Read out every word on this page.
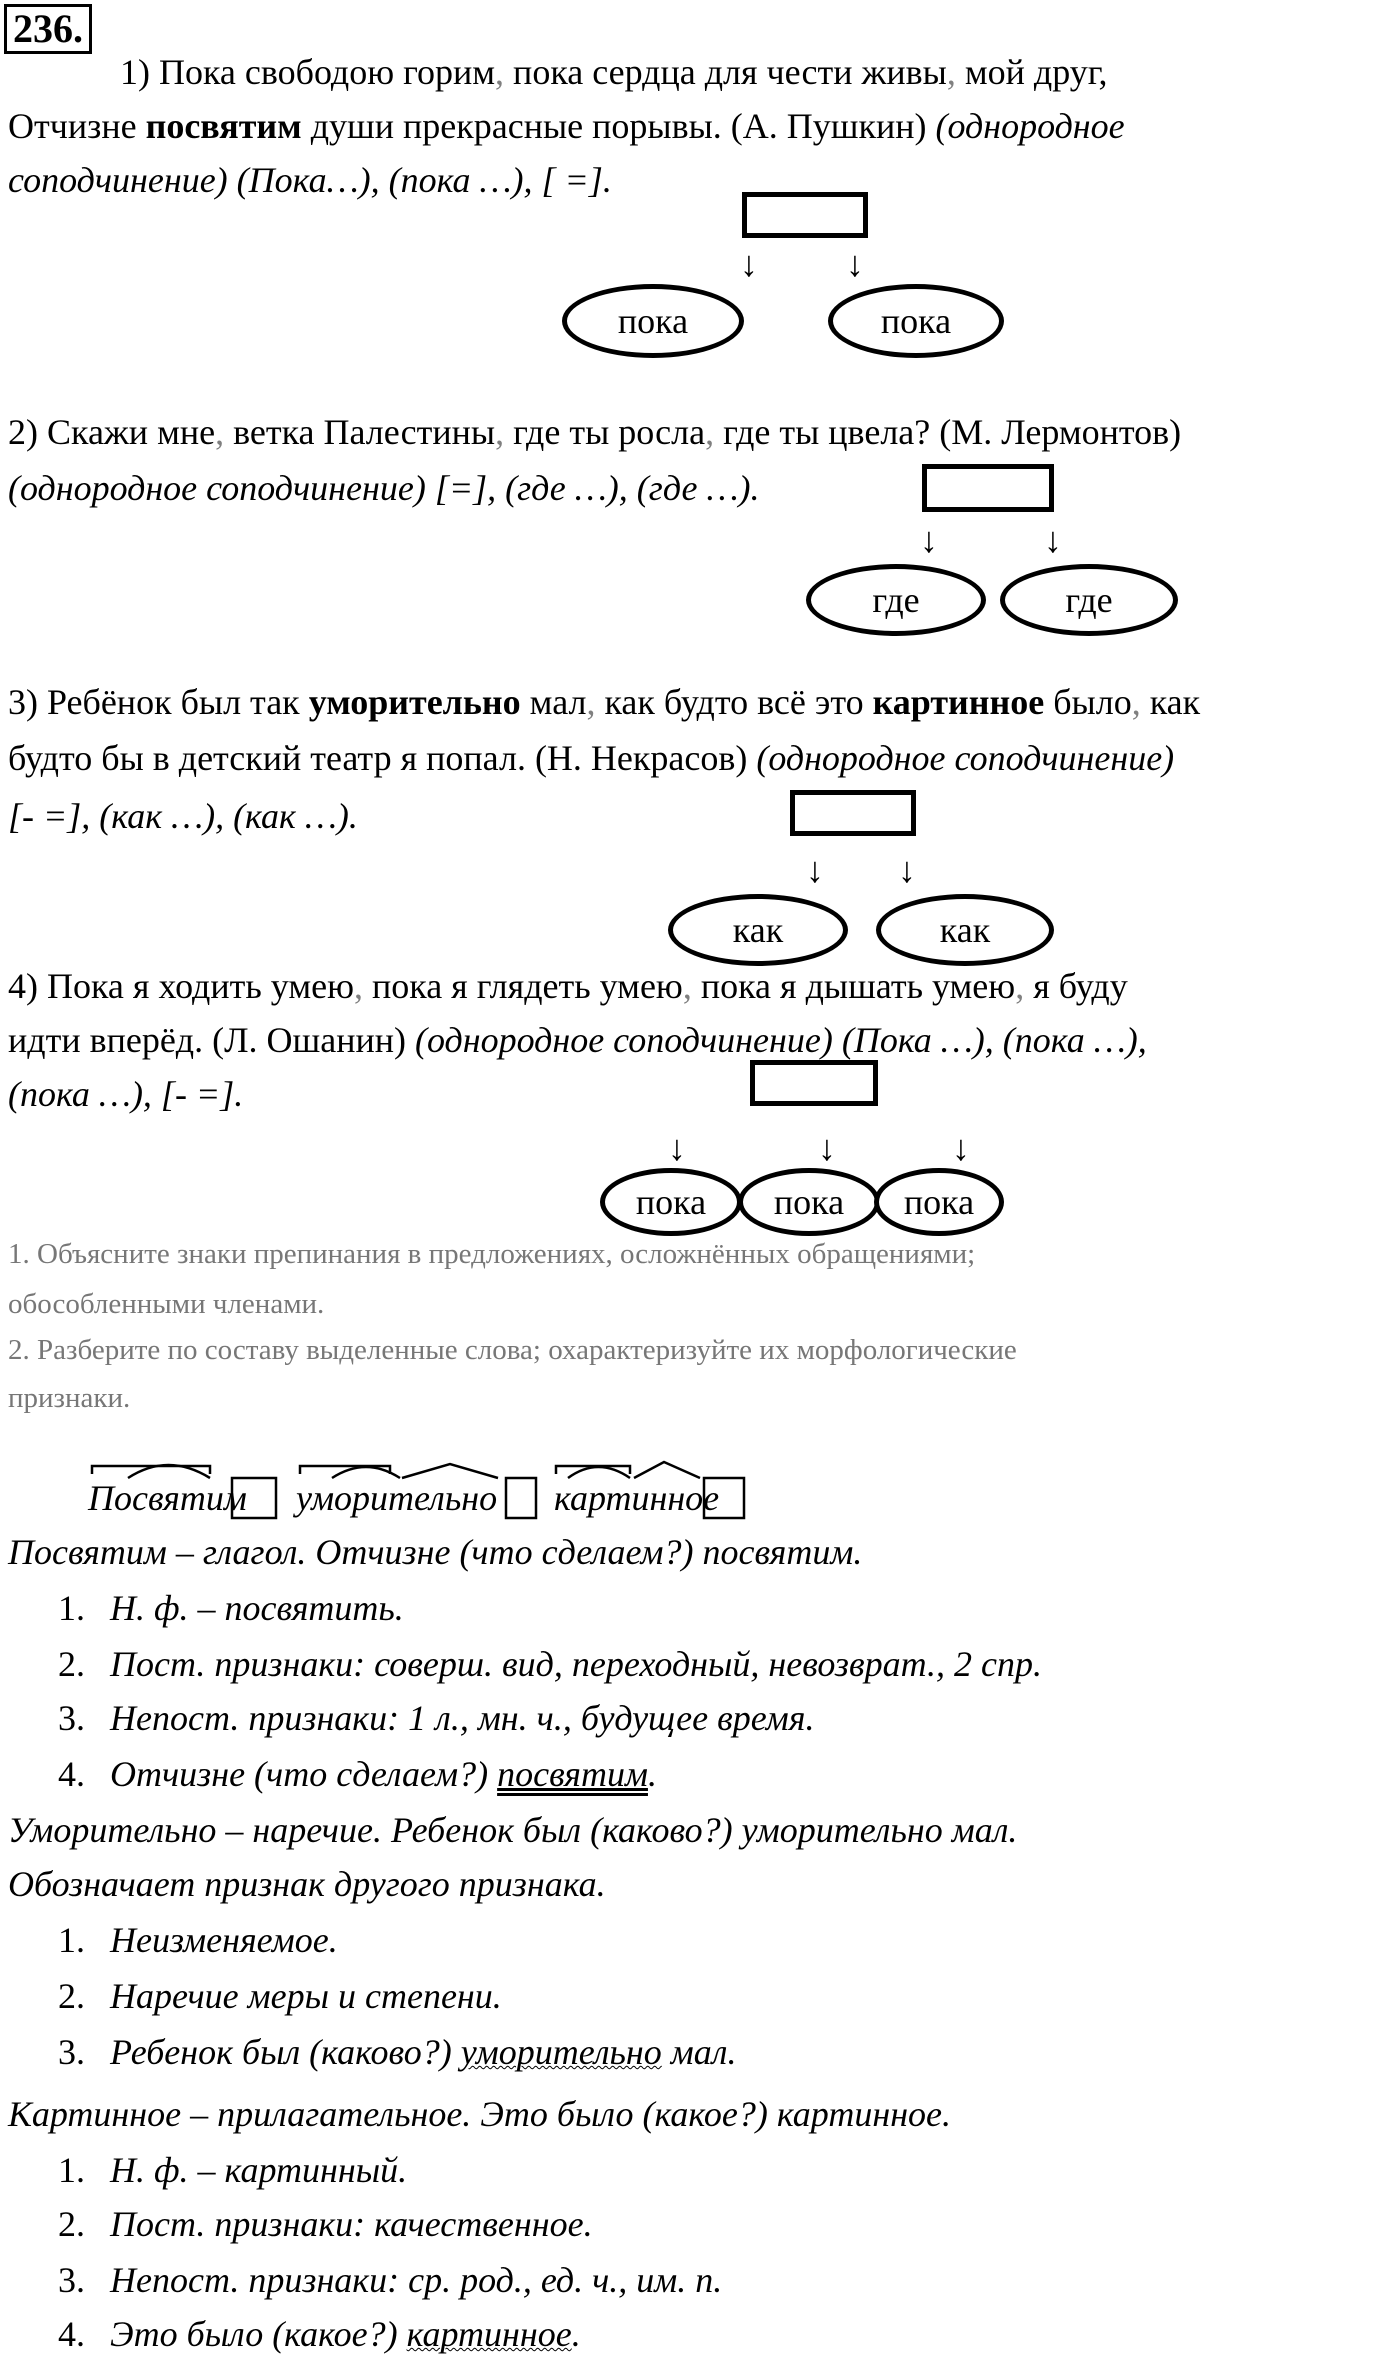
236.
1) Пока свободою горим, пока сердца для чести живы, мой друг,
Отчизне посвятим души прекрасные порывы. (А. Пушкин) (однородное
соподчинение) (Пока…), (пока …), [ =].
↓ ↓
пока	пока
2) Скажи мне, ветка Палестины, где ты росла, где ты цвела? (М. Лермонтов)
(однородное соподчинение) [=], (где …), (где …).
↓	↓
где	где
3) Ребёнок был так уморительно мал, как будто всё это картинное было, как
будто бы в детский театр я попал. (Н. Некрасов) (однородное соподчинение)
[- =], (как …), (как …).
↓ ↓
как	как
4) Пока я ходить умею, пока я глядеть умею, пока я дышать умею, я буду
идти вперёд. (Л. Ошанин) (однородное соподчинение) (Пока …), (пока …),
(пока …), [- =].
↓	↓	↓
пока	пока	пока
1. Объясните знаки препинания в предложениях, осложнённых обращениями;
обособленными членами.
2. Разберите по составу выделенные слова; охарактеризуйте их морфологические
признаки.
Посвятим уморительно картинное
Посвятим – глагол. Отчизне (что сделаем?) посвятим.
1. Н. ф. – посвятить.
2. Пост. признаки: соверш. вид, переходный, невозврат., 2 спр.
3. Непост. признаки: 1 л., мн. ч., будущее время.
4. Отчизне (что сделаем?) посвятим.
Уморительно – наречие. Ребенок был (каково?) уморительно мал.
Обозначает признак другого признака.
1. Неизменяемое.
2. Наречие меры и степени.
3. Ребенок был (каково?) уморительно мал.
Картинное – прилагательное. Это было (какое?) картинное.
1. Н. ф. – картинный.
2. Пост. признаки: качественное.
3. Непост. признаки: ср. род., ед. ч., им. п.
4. Это было (какое?) картинное.
